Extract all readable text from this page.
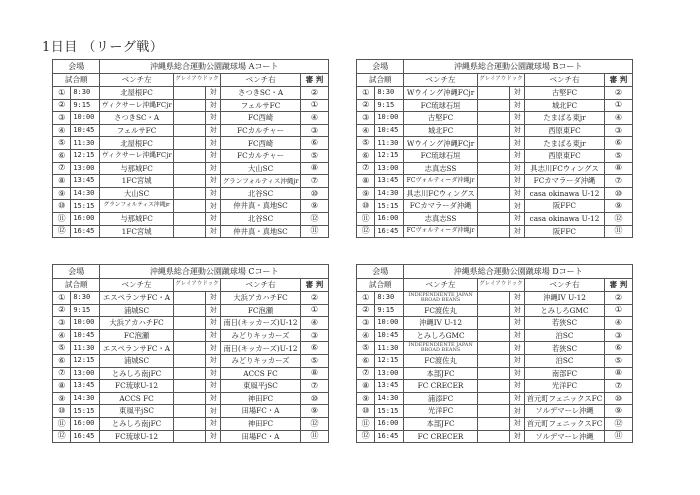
1日目 （リーグ戦）
会場		沖縄県総合運動公園蹴球場 Aコート				
試合順		ベンチ左	グレイアウドック		ベンチ右	審 判
①	8:30	北屋根FC		対	さつきSC・A	②
②	9:15	ヴィクサーレ沖縄FCjr		対	フェルサFC	①
③	10:00	さつきSC・A		対	FC西崎	④
④	10:45	フェルサFC		対	FCカルチャー	③
⑤	11:30	北屋根FC		対	FC西崎	⑥
⑥	12:15	ヴィクサーレ沖縄FCjr		対	FCカルチャー	⑤
⑦	13:00	与那城FC		対	大山SC	⑧
⑧	13:45	1FC宮城		対	グランフォルティス沖縄jr	⑦
⑨	14:30	大山SC		対	北谷SC	⑩
⑩	15:15	グランフォルティス沖縄jr		対	仲井真・真地SC	⑨
⑪	16:00	与那城FC		対	北谷SC	⑫
⑫	16:45	1FC宮城		対	仲井真・真地SC	⑪
会場		沖縄県総合運動公園蹴球場 Bコート				
試合順		ベンチ左	グレイアウドック		ベンチ右	審 判
①	8:30	Wウイング沖縄FCjr		対	古堅FC	②
②	9:15	FC琉球石垣		対	城北FC	①
③	10:00	古堅FC		対	たまばる東jr	④
④	10:45	城北FC		対	西原東FC	③
⑤	11:30	Wウイング沖縄FCjr		対	たまばる東jr	⑥
⑥	12:15	FC琉球石垣		対	西原東FC	⑤
⑦	13:00	志真志SS		対	具志川FCウィングス	⑧
⑧	13:45	FCヴォルティーダ沖縄jr		対	FCカマラーダ沖縄	⑦
⑨	14:30	具志川FCウィングス		対	casa okinawa U-12	⑩
⑩	15:15	FCカマラーダ沖縄		対	阪FFC	⑨
⑪	16:00	志真志SS		対	casa okinawa U-12	⑫
⑫	16:45	FCヴォルティーダ沖縄jr		対	阪FFC	⑪
会場		沖縄県総合運動公園蹴球場 Cコート				
試合順		ベンチ左	グレイアウドック		ベンチ右	審 判
①	8:30	エスペランサFC・A		対	大浜アカハチFC	②
②	9:15	浦城SC		対	FC泡瀬	①
③	10:00	大浜アカハチFC		対	南日(キッカーズ)U-12	④
④	10:45	FC泡瀬		対	みどりキッカーズ	③
⑤	11:30	エスペランサFC・A		対	南日(キッカーズ)U-12	⑥
⑥	12:15	浦城SC		対	みどりキッカーズ	⑤
⑦	13:00	とみしろ南jFC		対	ACCS FC	⑧
⑧	13:45	FC琉球U-12		対	東風平jSC	⑦
⑨	14:30	ACCS FC		対	神田FC	⑩
⑩	15:15	東風平jSC		対	田場FC・A	⑨
⑪	16:00	とみしろ南jFC		対	神田FC	⑫
⑫	16:45	FC琉球U-12		対	田場FC・A	⑪
会場		沖縄県総合運動公園蹴球場 Dコート				
試合順		ベンチ左	グレイアウドック		ベンチ右	審 判
①	8:30	INDEPENDIENTE JAPAN
BROAD BEANS		対	沖縄IV U-12	②
②	9:15	FC渡佐丸		対	とみしろGMC	①
③	10:00	沖縄IV U-12		対	若狭SC	④
④	10:45	とみしろGMC		対	泊SC	③
⑤	11:30	INDEPENDIENTE JAPAN
BROAD BEANS		対	若狭SC	⑥
⑥	12:15	FC渡佐丸		対	泊SC	⑤
⑦	13:00	本部JFC		対	南部FC	⑧
⑧	13:45	FC CRECER		対	光洋FC	⑦
⑨	14:30	浦添FC		対	首元町フェニックスFC	⑩
⑩	15:15	光洋FC		対	ソルデマーレ沖縄	⑨
⑪	16:00	本部JFC		対	首元町フェニックスFC	⑫
⑫	16:45	FC CRECER		対	ソルデマーレ沖縄	⑪
